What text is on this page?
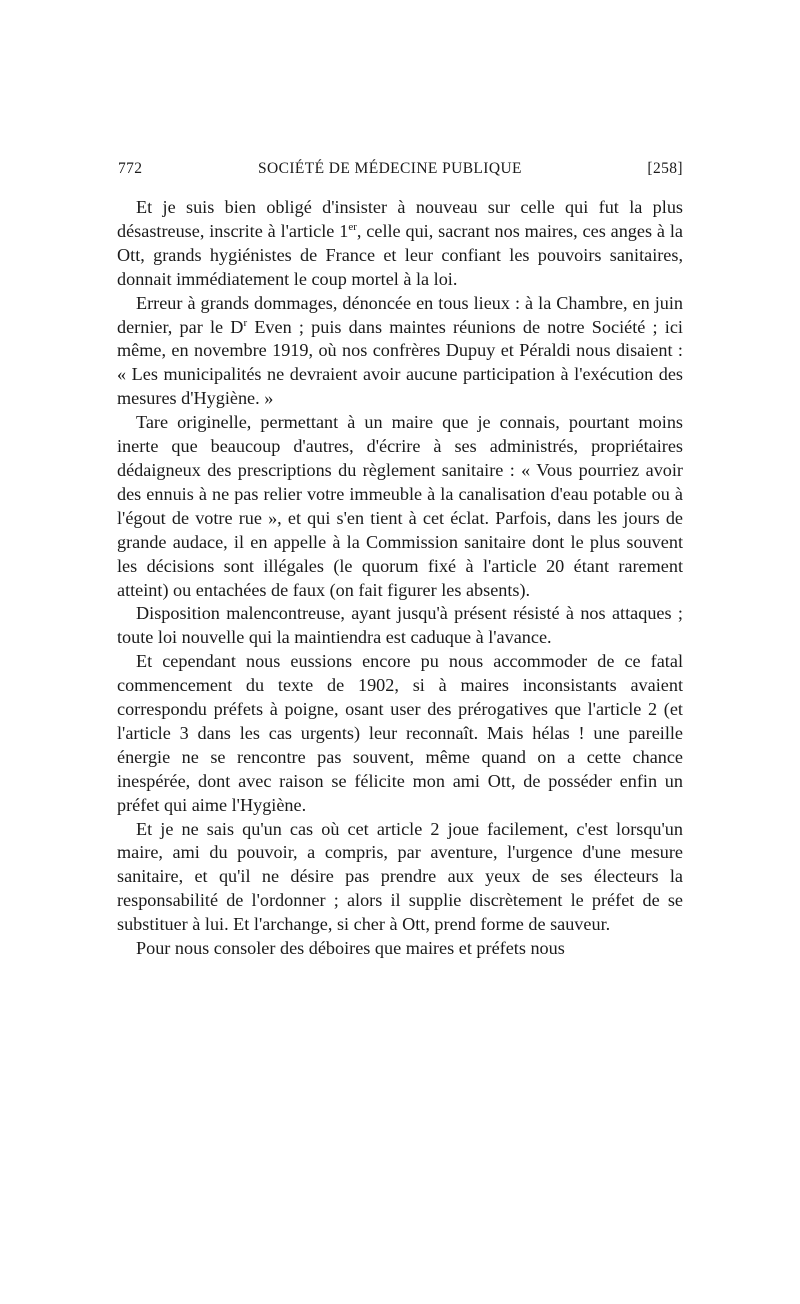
772	SOCIÉTÉ DE MÉDECINE PUBLIQUE	[258]

Et je suis bien obligé d'insister à nouveau sur celle qui fut la plus désastreuse, inscrite à l'article 1er, celle qui, sacrant nos maires, ces anges à la Ott, grands hygiénistes de France et leur confiant les pouvoirs sanitaires, donnait immédiatement le coup mortel à la loi.

Erreur à grands dommages, dénoncée en tous lieux : à la Chambre, en juin dernier, par le $D^r$ Even ; puis dans maintes réunions de notre Société ; ici même, en novembre 1919, où nos confrères Dupuy et Péraldi nous disaient : « Les municipalités ne devraient avoir aucune participation à l'exécution des mesures d'Hygiène. »

Tare originelle, permettant à un maire que je connais, pourtant moins inerte que beaucoup d'autres, d'écrire à ses administrés, propriétaires dédaigneux des prescriptions du règlement sanitaire : « Vous pourriez avoir des ennuis à ne pas relier votre immeuble à la canalisation d'eau potable ou à l'égout de votre rue », et qui s'en tient à cet éclat. Parfois, dans les jours de grande audace, il en appelle à la Commission sanitaire dont le plus souvent les décisions sont illégales (le quorum fixé à l'article 20 étant rarement atteint) ou entachées de faux (on fait figurer les absents).

Disposition malencontreuse, ayant jusqu'à présent résisté à nos attaques ; toute loi nouvelle qui la maintiendra est caduque à l'avance.

Et cependant nous eussions encore pu nous accommoder de ce fatal commencement du texte de 1902, si à maires inconsistants avaient correspondu préfets à poigne, osant user des prérogatives que l'article 2 (et l'article 3 dans les cas urgents) leur reconnaît. Mais hélas ! une pareille énergie ne se rencontre pas souvent, même quand on a cette chance inespérée, dont avec raison se félicite mon ami Ott, de posséder enfin un préfet qui aime l'Hygiène.

Et je ne sais qu'un cas où cet article 2 joue facilement, c'est lorsqu'un maire, ami du pouvoir, a compris, par aventure, l'urgence d'une mesure sanitaire, et qu'il ne désire pas prendre aux yeux de ses électeurs la responsabilité de l'ordonner ; alors il supplie discrètement le préfet de se substituer à lui. Et l'archange, si cher à Ott, prend forme de sauveur.

Pour nous consoler des déboires que maires et préfets nous
